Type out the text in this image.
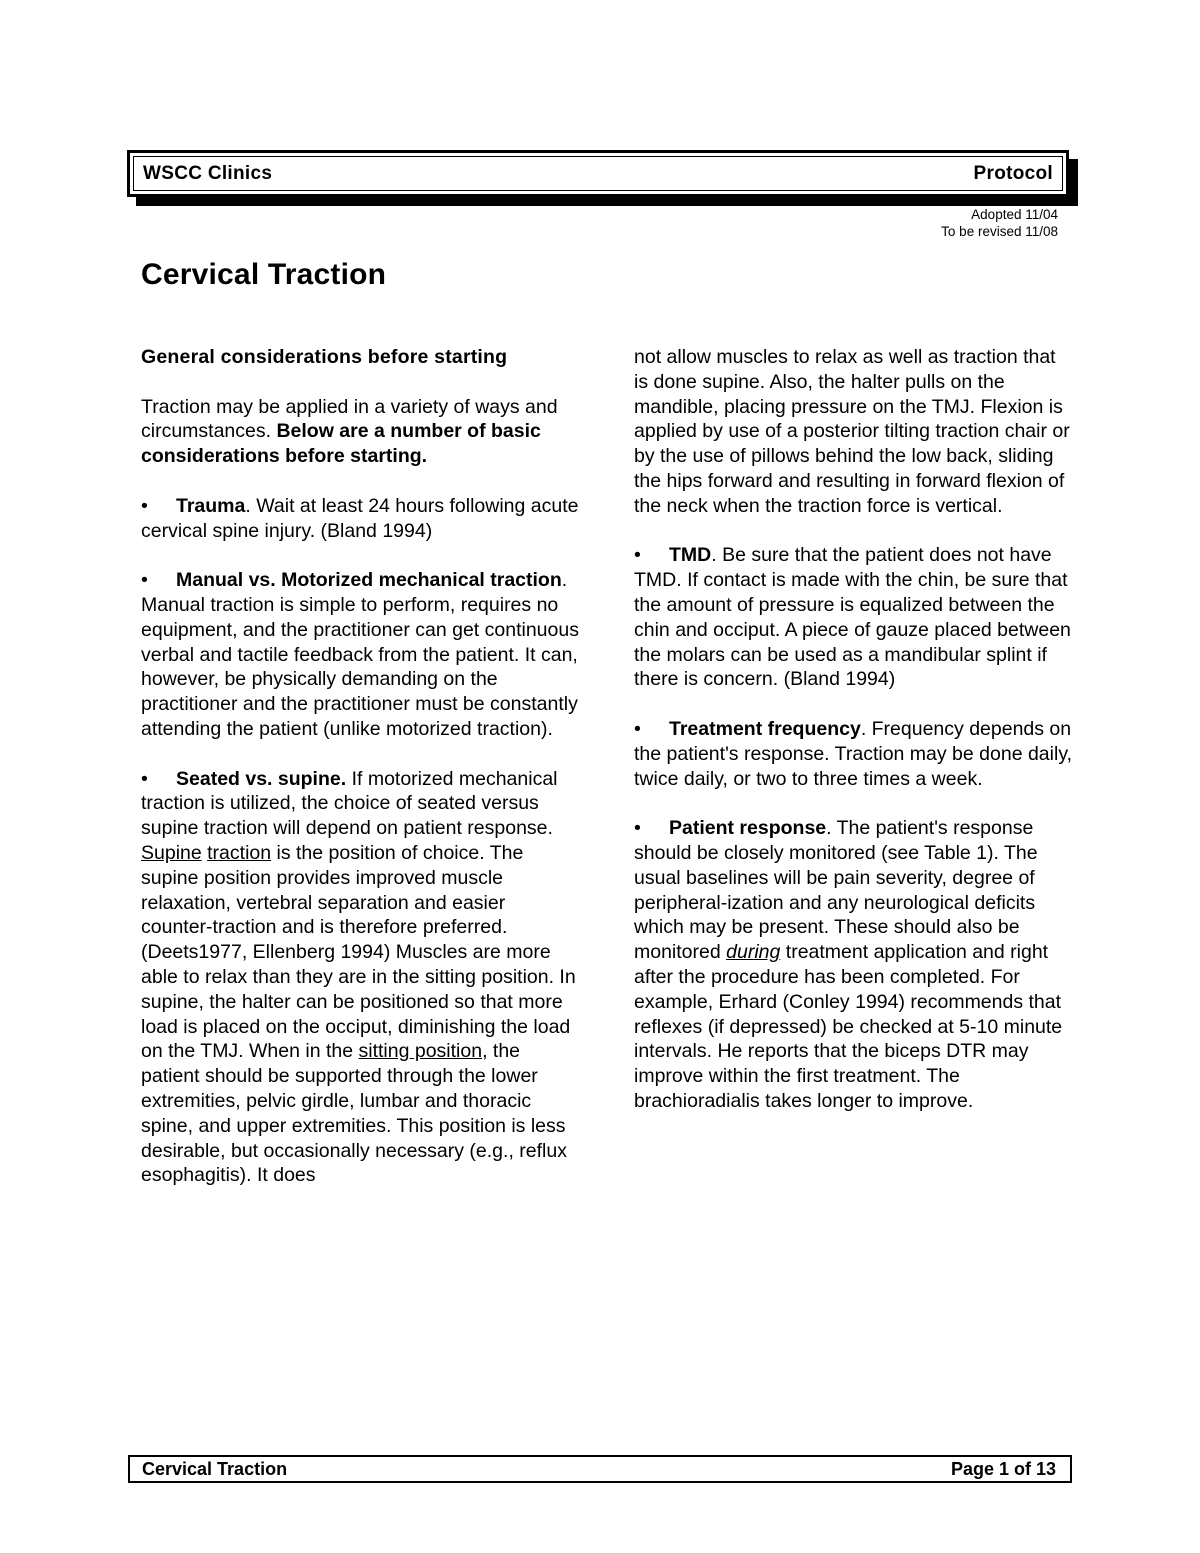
WSCC Clinics	Protocol
Adopted 11/04
To be revised 11/08
Cervical Traction

General considerations before starting

Traction may be applied in a variety of ways and circumstances. Below are a number of basic considerations before starting.

• Trauma. Wait at least 24 hours following acute cervical spine injury. (Bland 1994)

• Manual vs. Motorized mechanical traction. Manual traction is simple to perform, requires no equipment, and the practitioner can get continuous verbal and tactile feedback from the patient. It can, however, be physically demanding on the practitioner and the practitioner must be constantly attending the patient (unlike motorized traction).

• Seated vs. supine. If motorized mechanical traction is utilized, the choice of seated versus supine traction will depend on patient response. Supine traction is the position of choice. The supine position provides improved muscle relaxation, vertebral separation and easier counter-traction and is therefore preferred. (Deets1977, Ellenberg 1994) Muscles are more able to relax than they are in the sitting position. In supine, the halter can be positioned so that more load is placed on the occiput, diminishing the load on the TMJ. When in the sitting position, the patient should be supported through the lower extremities, pelvic girdle, lumbar and thoracic spine, and upper extremities. This position is less desirable, but occasionally necessary (e.g., reflux esophagitis). It does

not allow muscles to relax as well as traction that is done supine. Also, the halter pulls on the mandible, placing pressure on the TMJ. Flexion is applied by use of a posterior tilting traction chair or by the use of pillows behind the low back, sliding the hips forward and resulting in forward flexion of the neck when the traction force is vertical.

• TMD. Be sure that the patient does not have TMD. If contact is made with the chin, be sure that the amount of pressure is equalized between the chin and occiput. A piece of gauze placed between the molars can be used as a mandibular splint if there is concern. (Bland 1994)

• Treatment frequency. Frequency depends on the patient's response. Traction may be done daily, twice daily, or two to three times a week.

• Patient response. The patient's response should be closely monitored (see Table 1). The usual baselines will be pain severity, degree of peripheral-ization and any neurological deficits which may be present. These should also be monitored during treatment application and right after the procedure has been completed. For example, Erhard (Conley 1994) recommends that reflexes (if depressed) be checked at 5-10 minute intervals. He reports that the biceps DTR may improve within the first treatment. The brachioradialis takes longer to improve.

Cervical Traction	Page 1 of 13
